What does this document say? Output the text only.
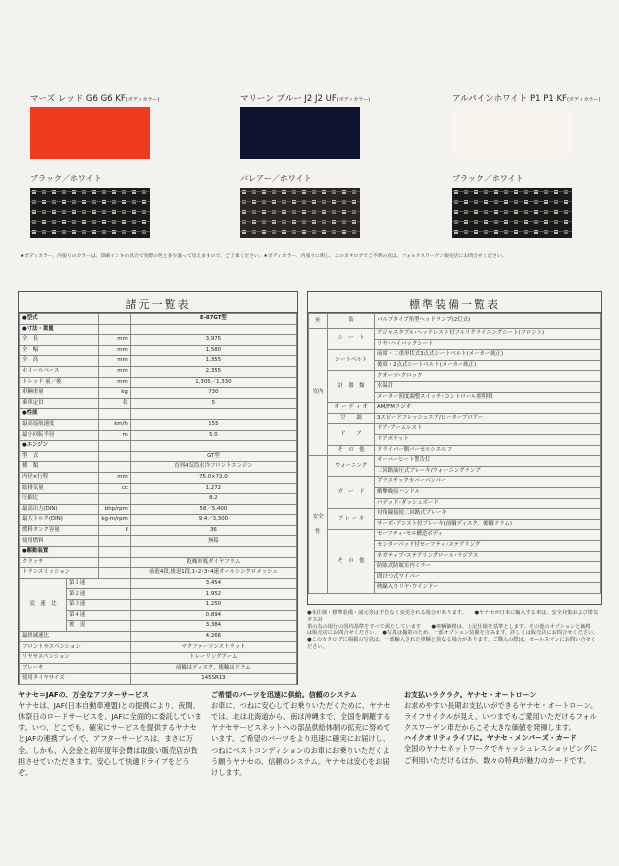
マーズ レッド G6 G6 KF(ボディカラー)	マリーン ブルー J2 J2 UF(ボディカラー)	アルパインホワイト P1 P1 KF(ボディカラー)
ブラック／ホワイト	バレアー／ホワイト	ブラック／ホワイト
★ボディカラー、内張りのカラーは、印刷インキの具合で実際の色と多少違って見えますので、ご了承ください。★ボディカラー、内張りに関し、このカタログでご不明の点は、フォルクスワーゲン販売店にお問合せください。
諸元一覧表
●型式			E-87GT型
●寸法・重量			
全　長		mm	3,975
全　幅		mm	1,580
全　高		mm	1,355
ホイールベース		mm	2,355
トレッド 前／後		mm	1,305／1,330
車輌重量		kg	730
乗車定員		名	5
●性能			
最高巡航速度		km/h	155
最小回転半径		m	5.0
●エンジン			
型　式			GT型
種　類			直列4気筒水冷フロントエンジン
内径×行程		mm	75.0×72.0
総排気量		cc	1,272
圧縮比			8.2
最高出力(DIN)		bhp/rpm	58／5,400
最大トルク(DIN)		kg-m/rpm	9.4／3,300
燃料タンク容量		ℓ	36
使用燃料			無鉛
●駆動装置			
クラッチ			乾燥単板ダイヤフラム
トランスミッション			前進4段,後退1段,1･2･3･4速オールシンクロメッシュ
変　速　比	第１速		3.454
	第２速		1.952
	第３速		1.250
	第４速		0.894
	後　退		3.384
最終減速比			4.266
フロントサスペンション			マクファーソンストラット
リヤサスペンション			トレーリングアーム
ブレーキ			前輪はディスク、後輪はドラム
使用タイヤサイズ			145SR13
標準装備一覧表
外	装	バルブタイプ角型ヘッドランプ(2灯式)
室内	シ　ー　ト	アジャスタブル･ヘッドレスト付フルリクライニングシート(フロント)
		リヤ･ハイバックシート
	シートベルト	前席・二重形状式3点式シートベルト(メーカー純正)
		後席・2点式シートベルト(メーカー純正)
	計　器　類	クオーツ･クロック
		水温計
		メーター照度調整スイッチ･コントロール照明明
	オ ー デ ィ オ	AM/FMラジオ
	空　　調	3スピードフレッシュエア/ヒーターブロアー
	ド　　ア	ドア･アームレスト
		ドアポケット
	そ　の　他	ドライバー側パーセルシエルフ
安全性	ウォーニング	オーバーヒート警告灯
		二回路油圧式ブレーキ/ウォーニングランプ
	ガ　ー　ド	プラスチックカバーバンパー
		衝撃吸収ハンドル
		パデッド･ダッシュボード
	ブ レ ー キ	対角線接続二回路式ブレーキ
		サーボ･アシスト付ブレーキ(前輪ディスク、後輪ドラム)
	そ　の　他	セーフティ･セル構造ボディ
		センターパッド付セーフティ･ステアリング
		ネガティブ･ステアリングロール･ラジアス
		防眩式防眩室内ミラー
		間けつ式ワイパー
		熱線入りリヤ･ウインドー
●本仕様・標準装備・諸元等は予告なく変更される場合があります。　　●ヤナセが日本に輸入する車は、安全対策および排気ガス対
策の為の現行の国内基準をすべて満たしています　　●車輌価格は、上記仕様を基準とします。その他のオプションと価格
は販売店にお問合せください。　●写真は撮影のため、一部オプション装備を含みます。詳しくは販売店にお問合せください。
●このカタログに掲載の写真は、一部輸入された車輌と異なる場合があります。ご購入の際は、セールスマンにお問い合せください。
ヤナセ＝JAFの、万全なアフターサービス

ヤナセは、JAF(日本自動車連盟)との提携により、夜間、休祭日のロードサービスを、JAFに全面的に委託しています。いつ、どこでも、確実にサービスを提供するヤナセとJAFの連携プレイで、アフターサービスは、まさに万全。しかも、入会金と初年度年会費は取扱い販売店が負担させていただきます。安心して快適ドライブをどうぞ。

ご希望のパーツを迅速に供給。信頼のシステム

お車に、つねに安心してお乗りいただくために、ヤナセでは、北は北海道から、南は沖縄まで、全国を網羅するヤナセサービスネットへの部品供給体制の拡充に努めています。ご希望のパーツをより迅速に確実にお届けし、つねにベストコンディションのお車にお乗りいただくよう願うヤナセの、信頼のシステム。ヤナセは安心をお届けします。

お支払いラクラク。ヤナセ・オートローン

お求めやすい長期お支払いができるヤナセ・オートローン。ライフサイクルが見え、いつまでもご愛用いただけるフォルクスワーゲン車だからこそ大きな価値を発揮します。

ハイクオリティライフに。ヤナセ・メンバーズ・カード

全国のヤナセネットワークでキャッシュレスショッピングにご利用いただけるほか、数々の特典が魅力のカードです。
